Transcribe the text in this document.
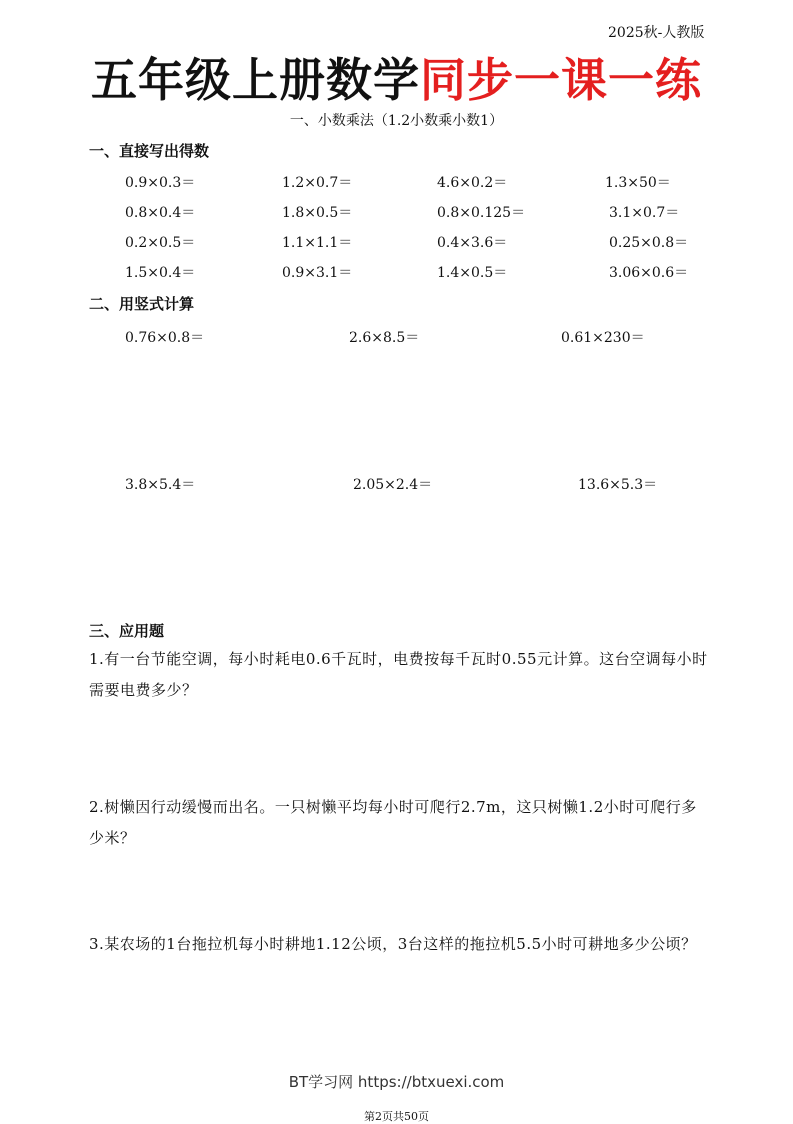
2025秋-人教版
五年级上册数学同步一课一练
一、小数乘法（1.2小数乘小数1）
一、直接写出得数
0.9×0.3＝	1.2×0.7＝	4.6×0.2＝	1.3×50＝
0.8×0.4＝	1.8×0.5＝	0.8×0.125＝	3.1×0.7＝
0.2×0.5＝	1.1×1.1＝	0.4×3.6＝	0.25×0.8＝
1.5×0.4＝	0.9×3.1＝	1.4×0.5＝	3.06×0.6＝
二、用竖式计算
0.76×0.8＝	2.6×8.5＝	0.61×230＝
3.8×5.4＝	2.05×2.4＝	13.6×5.3＝
三、应用题
1.有一台节能空调，每小时耗电0.6千瓦时，电费按每千瓦时0.55元计算。这台空调每小时需要电费多少？
2.树懒因行动缓慢而出名。一只树懒平均每小时可爬行2.7m，这只树懒1.2小时可爬行多少米？
3.某农场的1台拖拉机每小时耕地1.12公顷，3台这样的拖拉机5.5小时可耕地多少公顷？
BT学习网 https://btxuexi.com
第2页共50页
